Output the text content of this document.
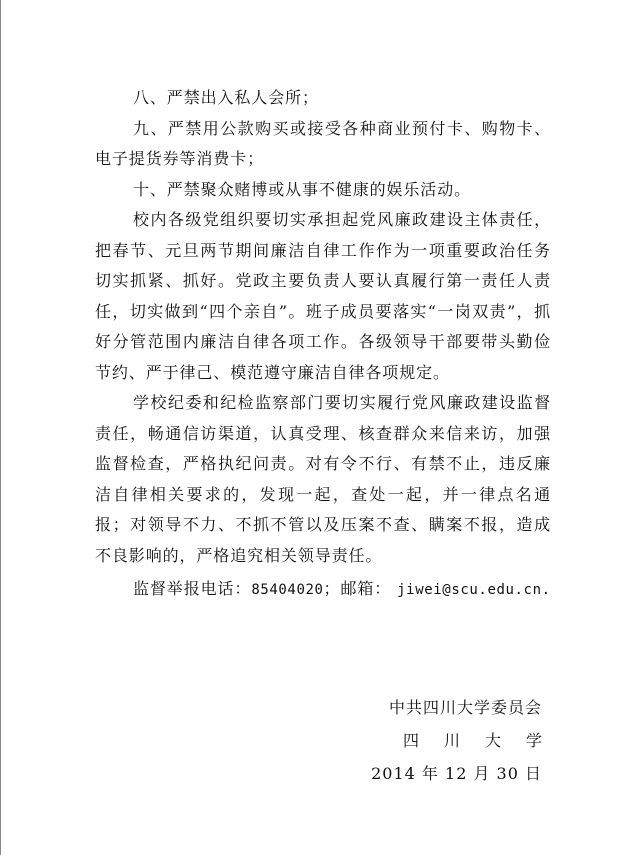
八、严禁出入私人会所；

九、严禁用公款购买或接受各种商业预付卡、购物卡、电子提货券等消费卡；

十、严禁聚众赌博或从事不健康的娱乐活动。

校内各级党组织要切实承担起党风廉政建设主体责任，把春节、元旦两节期间廉洁自律工作作为一项重要政治任务切实抓紧、抓好。党政主要负责人要认真履行第一责任人责任，切实做到“四个亲自”。班子成员要落实“一岗双责”，抓好分管范围内廉洁自律各项工作。各级领导干部要带头勤俭节约、严于律己、模范遵守廉洁自律各项规定。

学校纪委和纪检监察部门要切实履行党风廉政建设监督责任，畅通信访渠道，认真受理、核查群众来信来访，加强监督检查，严格执纪问责。对有令不行、有禁不止，违反廉洁自律相关要求的，发现一起，查处一起，并一律点名通报；对领导不力、不抓不管以及压案不查、瞒案不报，造成不良影响的，严格追究相关领导责任。

监督举报电话：85404020；邮箱： jiwei@scu.edu.cn.
中共四川大学委员会
四川大学
2014 年 12 月 30 日
